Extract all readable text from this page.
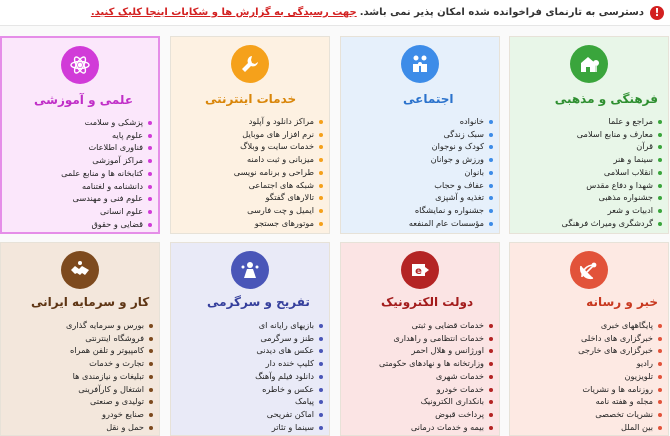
!
دسترسی به تارنمای فراخوانده شده امکان پذیر نمی باشد.
جهت رسیدگی به گزارش ها و شکایات اینجا کلیک کنید.
فرهنگی و مذهبی
مراجع و علما
معارف و منابع اسلامی
قرآن
سینما و هنر
انقلاب اسلامی
شهدا و دفاع مقدس
جشنواره مذهبی
ادبیات و شعر
گردشگری ومیراث فرهنگی
اجتماعی
خانواده
سبک زندگی
کودک و نوجوان
ورزش و جوانان
بانوان
عفاف و حجاب
تغذیه و آشپزی
جشنواره و نمایشگاه
مؤسسات عام المنفعه
خدمات اینترنتی
مراکز دانلود و آپلود
نرم افزار های موبایل
خدمات سایت و وبلاگ
میزبانی و ثبت دامنه
طراحی و برنامه نویسی
شبکه های اجتماعی
تالارهای گفتگو
ایمیل و چت فارسی
موتورهای جستجو
علمی و آموزشی
پزشکی و سلامت
علوم پایه
فناوری اطلاعات
مراکز آموزشی
کتابخانه ها و منابع علمی
دانشنامه و لغتنامه
علوم فنی و مهندسی
علوم انسانی
قضایی و حقوق
خبر و رسانه
پایگاههای خبری
خبرگزاری های داخلی
خبرگزاری های خارجی
رادیو
تلویزیون
روزنامه ها و نشریات
مجله و هفته نامه
نشریات تخصصی
بین الملل
e
دولت الکترونیک
خدمات قضایی و ثبتی
خدمات انتظامی و راهداری
اورژانس و هلال احمر
وزارتخانه ها و نهادهای حکومتی
خدمات شهری
خدمات خودرو
بانکداری الکترونیک
پرداخت قبوض
بیمه و خدمات درمانی
تفریح و سرگرمی
بازیهای رایانه ای
طنز و سرگرمی
عکس های دیدنی
کلیپ خنده دار
دانلود فیلم وآهنگ
عکس و خاطره
پیامک
اماکن تفریحی
سینما و تئاتر
کار و سرمایه ایرانی
بورس و سرمایه گذاری
فروشگاه اینترنتی
کامپیوتر و تلفن همراه
تجارت و خدمات
تبلیغات و نیازمندی ها
اشتغال و کارآفرینی
تولیدی و صنعتی
صنایع خودرو
حمل و نقل
